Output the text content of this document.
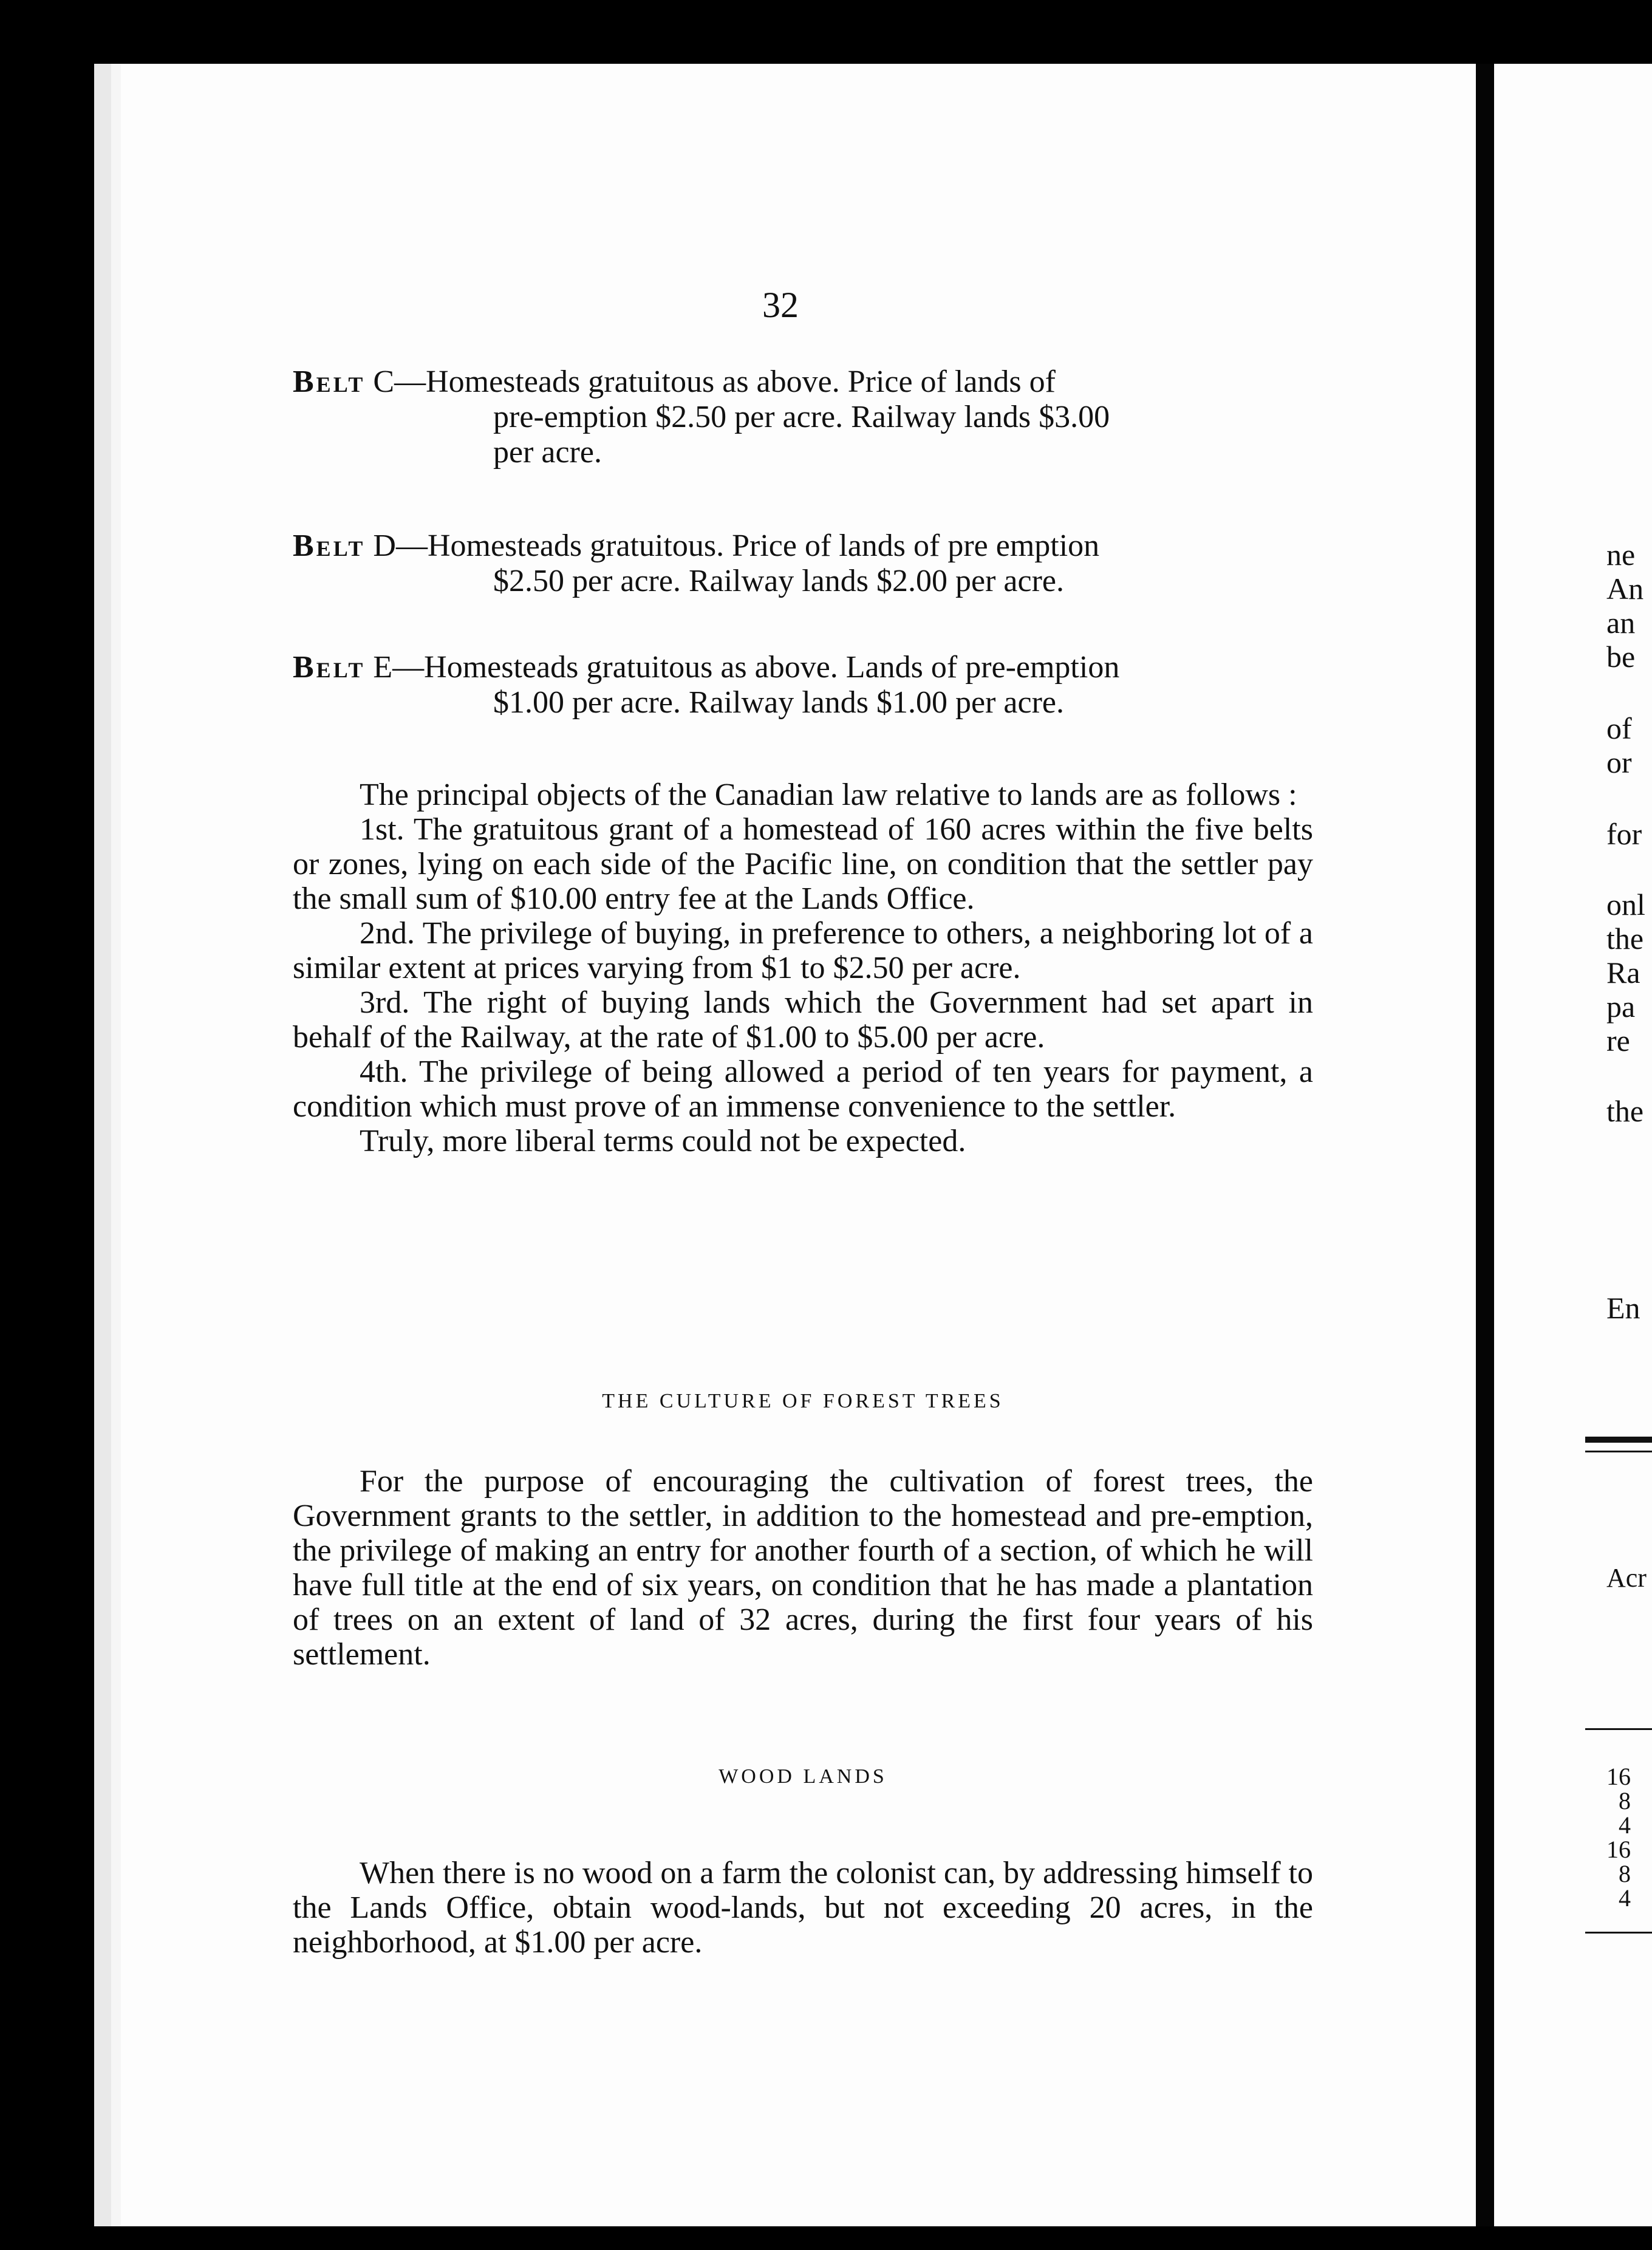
32
Belt C—Homesteads gratuitous as above. Price of lands of
pre-emption $2.50 per acre. Railway lands $3.00
per acre.
Belt D—Homesteads gratuitous. Price of lands of pre emption
$2.50 per acre. Railway lands $2.00 per acre.
Belt E—Homesteads gratuitous as above. Lands of pre-emption
$1.00 per acre. Railway lands $1.00 per acre.

The principal objects of the Canadian law relative to lands are as follows :

1st. The gratuitous grant of a homestead of 160 acres within the five belts or zones, lying on each side of the Pacific line, on condition that the settler pay the small sum of $10.00 entry fee at the Lands Office.

2nd. The privilege of buying, in preference to others, a neighboring lot of a similar extent at prices varying from $1 to $2.50 per acre.

3rd. The right of buying lands which the Government had set apart in behalf of the Railway, at the rate of $1.00 to $5.00 per acre.

4th. The privilege of being allowed a period of ten years for payment, a condition which must prove of an immense convenience to the settler.

Truly, more liberal terms could not be expected.

THE CULTURE OF FOREST TREES

For the purpose of encouraging the cultivation of forest trees, the Government grants to the settler, in addition to the homestead and pre-emption, the privilege of making an entry for another fourth of a section, of which he will have full title at the end of six years, on condition that he has made a plantation of trees on an extent of land of 32 acres, during the first four years of his settlement.

WOOD LANDS

When there is no wood on a farm the colonist can, by addressing himself to the Lands Office, obtain wood-lands, but not exceeding 20 acres, in the neighborhood, at $1.00 per acre.

ne
An
an
be
of
or
for
onl
the
Ra
pa
re
the
En
Acr
16
8
4
16
8
4
